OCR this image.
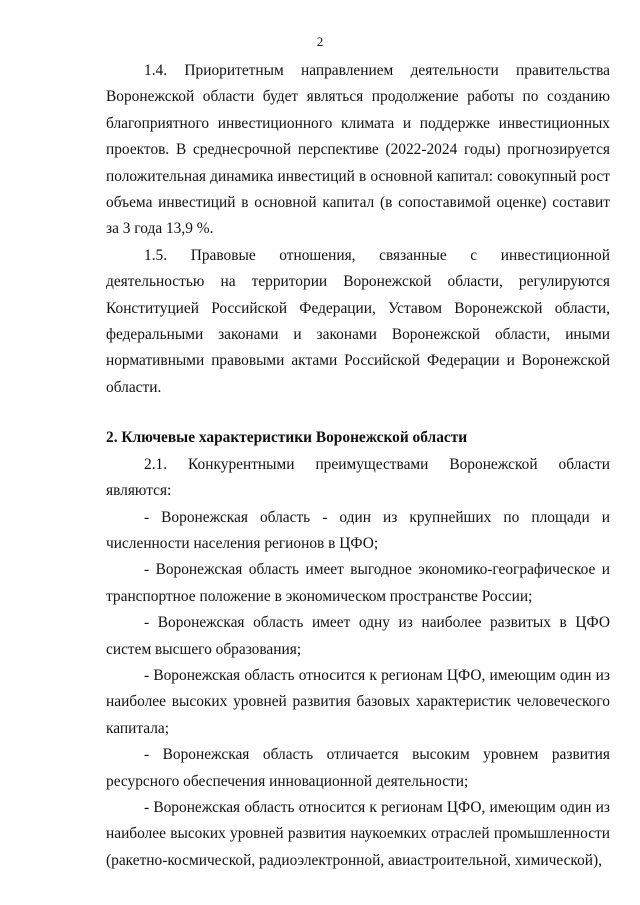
2

1.4. Приоритетным направлением деятельности правительства Воронежской области будет являться продолжение работы по созданию благоприятного инвестиционного климата и поддержке инвестиционных проектов. В среднесрочной перспективе (2022-2024 годы) прогнозируется положительная динамика инвестиций в основной капитал: совокупный рост объема инвестиций в основной капитал (в сопоставимой оценке) составит за 3 года 13,9 %.

1.5. Правовые отношения, связанные с инвестиционной деятельностью на территории Воронежской области, регулируются Конституцией Российской Федерации, Уставом Воронежской области, федеральными законами и законами Воронежской области, иными нормативными правовыми актами Российской Федерации и Воронежской области.

2. Ключевые характеристики Воронежской области

2.1. Конкурентными преимуществами Воронежской области являются:

- Воронежская область - один из крупнейших по площади и численности населения регионов в ЦФО;

- Воронежская область имеет выгодное экономико-географическое и транспортное положение в экономическом пространстве России;

- Воронежская область имеет одну из наиболее развитых в ЦФО систем высшего образования;

- Воронежская область относится к регионам ЦФО, имеющим один из наиболее высоких уровней развития базовых характеристик человеческого капитала;

- Воронежская область отличается высоким уровнем развития ресурсного обеспечения инновационной деятельности;

- Воронежская область относится к регионам ЦФО, имеющим один из наиболее высоких уровней развития наукоемких отраслей промышленности (ракетно-космической, радиоэлектронной, авиастроительной, химической),
